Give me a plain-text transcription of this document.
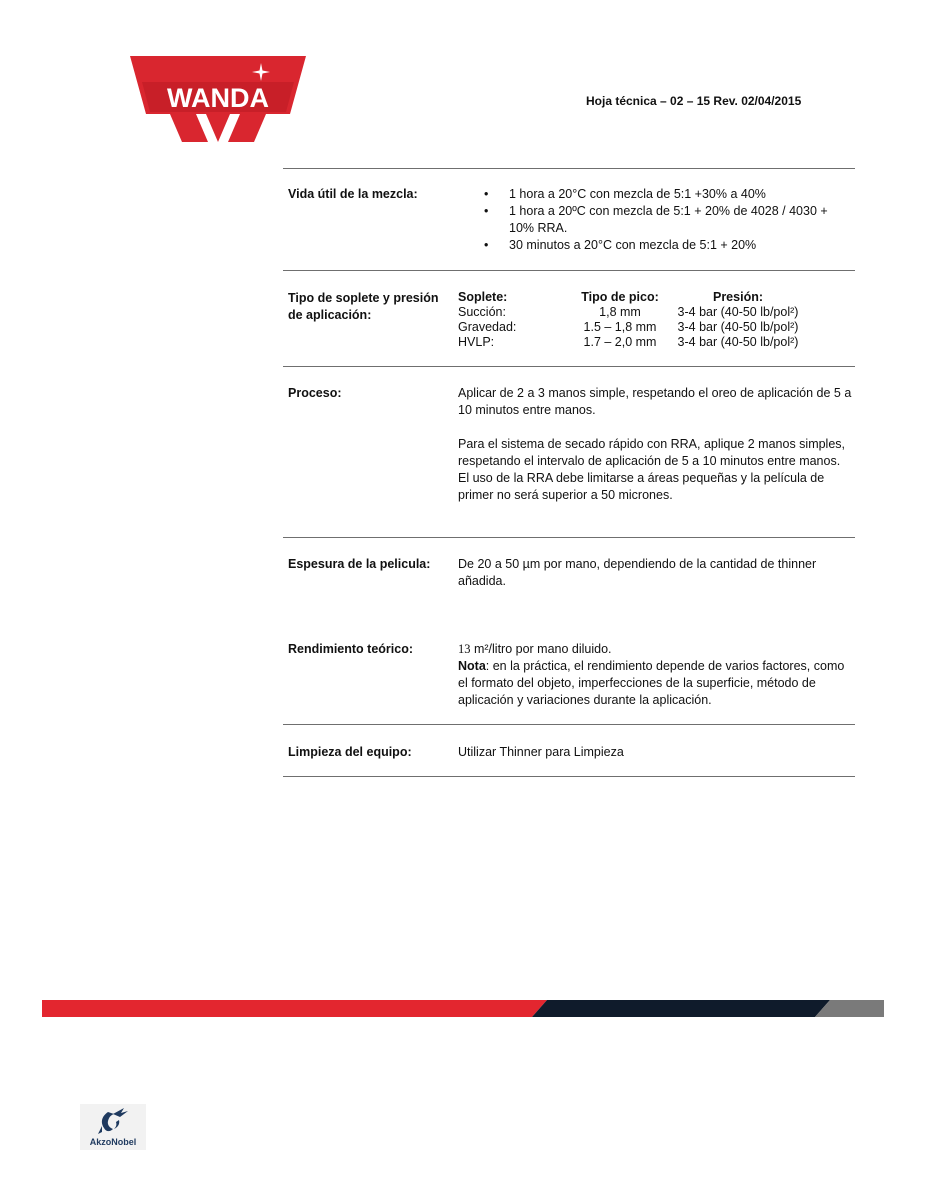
WANDA	Hoja técnica – 02 – 15 Rev. 02/04/2015
Vida útil de la mezcla:
•	1 hora a 20°C con mezcla de 5:1 +30% a 40%
• 1 hora a 20ºC con mezcla de 5:1 + 20% de 4028 / 4030 + 10% RRA.
• 30 minutos a 20°C con mezcla de 5:1 + 20%
Tipo de soplete y presión de aplicación:
Soplete:	Tipo de pico:	Presión:
Succión:	1,8 mm	3-4 bar (40-50 lb/pol²)
Gravedad:	1.5 – 1,8 mm	3-4 bar (40-50 lb/pol²)
HVLP:	1.7 – 2,0 mm	3-4 bar (40-50 lb/pol²)
Proceso:	Aplicar de 2 a 3 manos simple, respetando el oreo de aplicación de 5 a 10 minutos entre manos.

Para el sistema de secado rápido con RRA, aplique 2 manos simples, respetando el intervalo de aplicación de 5 a 10 minutos entre manos.

El uso de la RRA debe limitarse a áreas pequeñas y la película de primer no será superior a 50 micrones.

Espesura de la pelicula:	De 20 a 50 µm por mano, dependiendo de la cantidad de thinner añadida.
Rendimiento teórico:	13 m²/litro por mano diluido.
Nota: en la práctica, el rendimiento depende de varios factores, como el formato del objeto, imperfecciones de la superficie, método de aplicación y variaciones durante la aplicación.
Limpieza del equipo:	Utilizar Thinner para Limpieza
AkzoNobel
